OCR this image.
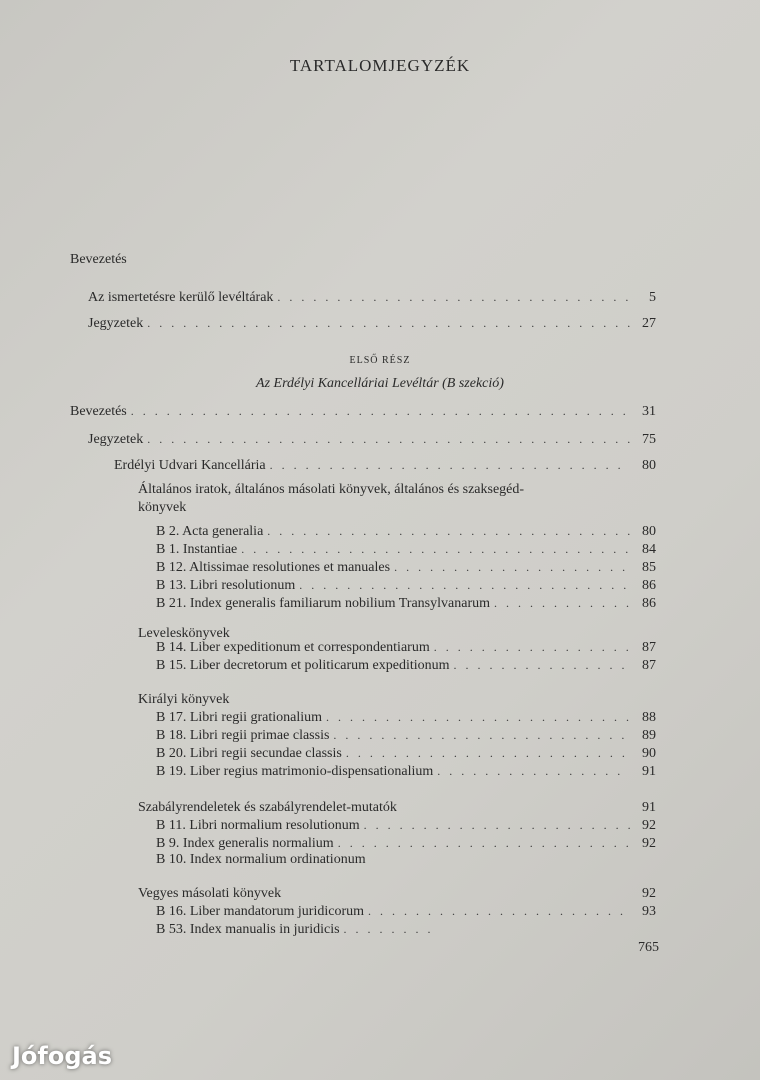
TARTALOMJEGYZÉK
Bevezetés
Az ismertetésre kerülő levéltárak . . .	5
Jegyzetek . . .	27
ELSŐ RÉSZ
Az Erdélyi Kancelláriai Levéltár (B szekció)
Bevezetés . . .	31
Jegyzetek . . .	75
Erdélyi Udvari Kancellária . . .	80
Általános iratok, általános másolati könyvek, általános és szaksegéd-
könyvek
B 2. Acta generalia . . .	80
B 1. Instantiae . . .	84
B 12. Altissimae resolutiones et manuales . . .	85
B 13. Libri resolutionum . . .	86
B 21. Index generalis familiarum nobilium Transylvanarum . . .	86
Leveleskönyvek
B 14. Liber expeditionum et correspondentiarum . . .	87
B 15. Liber decretorum et politicarum expeditionum . . .	87
Királyi könyvek
B 17. Libri regii grationalium . . .	88
B 18. Libri regii primae classis . . .	89
B 20. Libri regii secundae classis . . .	90
B 19. Liber regius matrimonio-dispensationalium . . .	91
Szabályrendeletek és szabályrendelet-mutatók	91
B 11. Libri normalium resolutionum . . .	92
B 9. Index generalis normalium . . .	92
B 10. Index normalium ordinationum
Vegyes másolati könyvek	92
B 16. Liber mandatorum juridicorum . . .	93
B 53. Index manualis in juridicis
. . .
765
Jófogás
